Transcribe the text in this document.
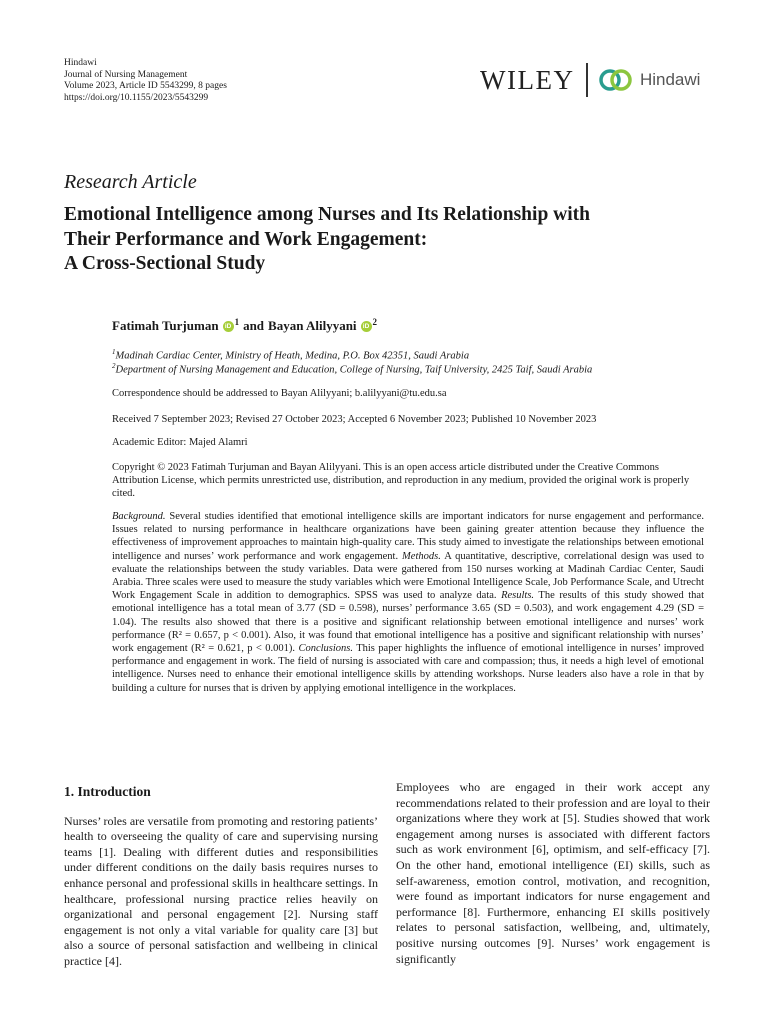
Hindawi
Journal of Nursing Management
Volume 2023, Article ID 5543299, 8 pages
https://doi.org/10.1155/2023/5543299
WILEY	Hindawi
Research Article
Emotional Intelligence among Nurses and Its Relationship with
Their Performance and Work Engagement:
A Cross-Sectional Study
Fatimah Turjuman iD $^1$ and Bayan Alilyyani iD $^2$
$^1$Madinah Cardiac Center, Ministry of Heath, Medina, P.O. Box 42351, Saudi Arabia
$^2$Department of Nursing Management and Education, College of Nursing, Taif University, 2425 Taif, Saudi Arabia
Correspondence should be addressed to Bayan Alilyyani; b.alilyyani@tu.edu.sa
Received 7 September 2023; Revised 27 October 2023; Accepted 6 November 2023; Published 10 November 2023
Academic Editor: Majed Alamri
Copyright © 2023 Fatimah Turjuman and Bayan Alilyyani. This is an open access article distributed under the Creative Commons Attribution License, which permits unrestricted use, distribution, and reproduction in any medium, provided the original work is properly cited.
Background. Several studies identified that emotional intelligence skills are important indicators for nurse engagement and performance. Issues related to nursing performance in healthcare organizations have been gaining greater attention because they influence the effectiveness of improvement approaches to maintain high-quality care. This study aimed to investigate the relationships between emotional intelligence and nurses’ work performance and work engagement. Methods. A quantitative, descriptive, correlational design was used to evaluate the relationships between the study variables. Data were gathered from 150 nurses working at Madinah Cardiac Center, Saudi Arabia. Three scales were used to measure the study variables which were Emotional Intelligence Scale, Job Performance Scale, and Utrecht Work Engagement Scale in addition to demographics. SPSS was used to analyze data. Results. The results of this study showed that emotional intelligence has a total mean of 3.77 (SD = 0.598), nurses’ performance 3.65 (SD = 0.503), and work engagement 4.29 (SD = 1.04). The results also showed that there is a positive and significant relationship between emotional intelligence and nurses’ work performance (R² = 0.657, p < 0.001). Also, it was found that emotional intelligence has a positive and significant relationship with nurses’ work engagement (R² = 0.621, p < 0.001). Conclusions. This paper highlights the influence of emotional intelligence in nurses’ improved performance and engagement in work. The field of nursing is associated with care and compassion; thus, it needs a high level of emotional intelligence. Nurses need to enhance their emotional intelligence skills by attending workshops. Nurse leaders also have a role in that by building a culture for nurses that is driven by applying emotional intelligence in the workplaces.
1. Introduction
Nurses’ roles are versatile from promoting and restoring patients’ health to overseeing the quality of care and supervising nursing teams [1]. Dealing with different duties and responsibilities under different conditions on the daily basis requires nurses to enhance personal and professional skills in healthcare settings. In healthcare, professional nursing practice relies heavily on organizational and personal engagement [2]. Nursing staff engagement is not only a vital variable for quality care [3] but also a source of personal satisfaction and wellbeing in clinical practice [4].
Employees who are engaged in their work accept any recommendations related to their profession and are loyal to their organizations where they work at [5]. Studies showed that work engagement among nurses is associated with different factors such as work environment [6], optimism, and self-efficacy [7]. On the other hand, emotional intelligence (EI) skills, such as self-awareness, emotion control, motivation, and recognition, were found as important indicators for nurse engagement and performance [8]. Furthermore, enhancing EI skills positively relates to personal satisfaction, wellbeing, and, ultimately, positive nursing outcomes [9]. Nurses’ work engagement is significantly
